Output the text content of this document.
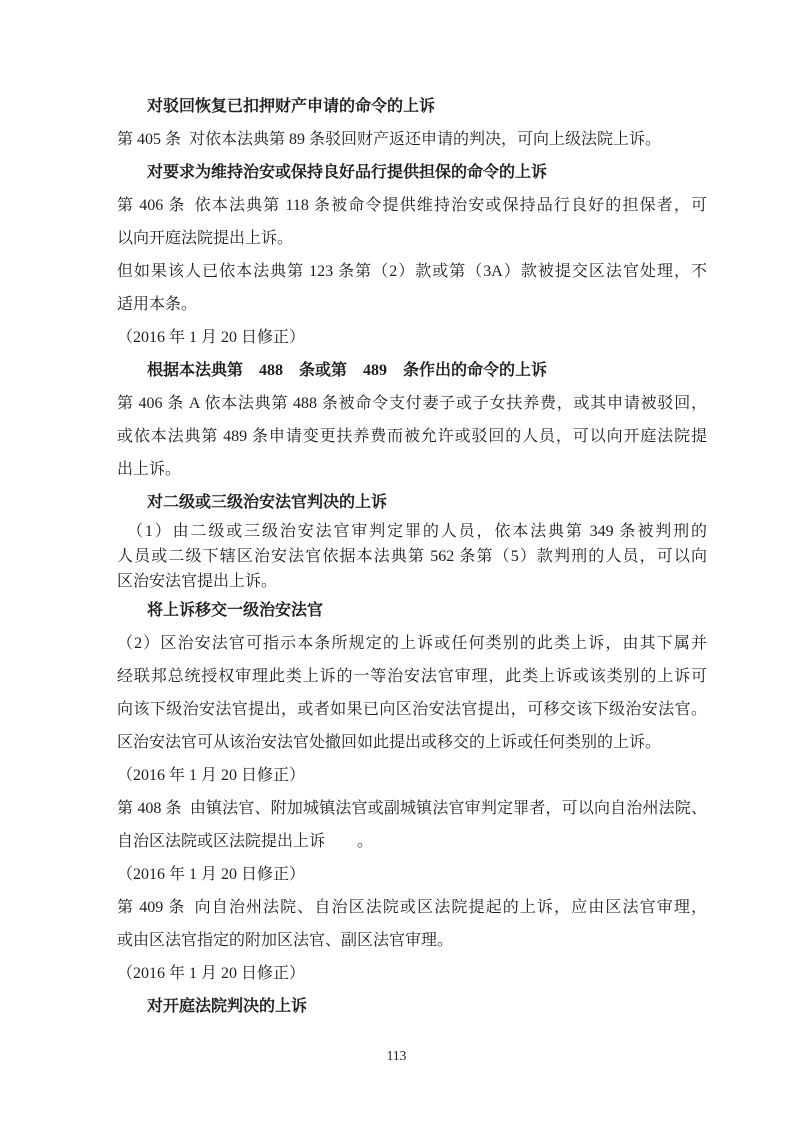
对驳回恢复已扣押财产申请的命令的上诉

第 405 条 对依本法典第 89 条驳回财产返还申请的判决，可向上级法院上诉。

对要求为维持治安或保持良好品行提供担保的命令的上诉

第 406 条 依本法典第 118 条被命令提供维持治安或保持品行良好的担保者，可
以向开庭法院提出上诉。

但如果该人已依本法典第 123 条第（2）款或第（3A）款被提交区法官处理，不
适用本条。

（2016 年 1 月 20 日修正）

根据本法典第 488 条或第 489 条作出的命令的上诉

第 406 条 A 依本法典第 488 条被命令支付妻子或子女扶养费，或其申请被驳回，
或依本法典第 489 条申请变更扶养费而被允许或驳回的人员，可以向开庭法院提
出上诉。

对二级或三级治安法官判决的上诉

（1）由二级或三级治安法官审判定罪的人员，依本法典第 349 条被判刑的
人员或二级下辖区治安法官依据本法典第 562 条第（5）款判刑的人员，可以向
区治安法官提出上诉。

将上诉移交一级治安法官

（2）区治安法官可指示本条所规定的上诉或任何类别的此类上诉，由其下属并
经联邦总统授权审理此类上诉的一等治安法官审理，此类上诉或该类别的上诉可
向该下级治安法官提出，或者如果已向区治安法官提出，可移交该下级治安法官。
区治安法官可从该治安法官处撤回如此提出或移交的上诉或任何类别的上诉。

（2016 年 1 月 20 日修正）

第 408 条 由镇法官、附加城镇法官或副城镇法官审判定罪者，可以向自治州法院、
自治区法院或区法院提出上诉　　。

（2016 年 1 月 20 日修正）

第 409 条 向自治州法院、自治区法院或区法院提起的上诉，应由区法官审理，
或由区法官指定的附加区法官、副区法官审理。

（2016 年 1 月 20 日修正）

对开庭法院判决的上诉
113
